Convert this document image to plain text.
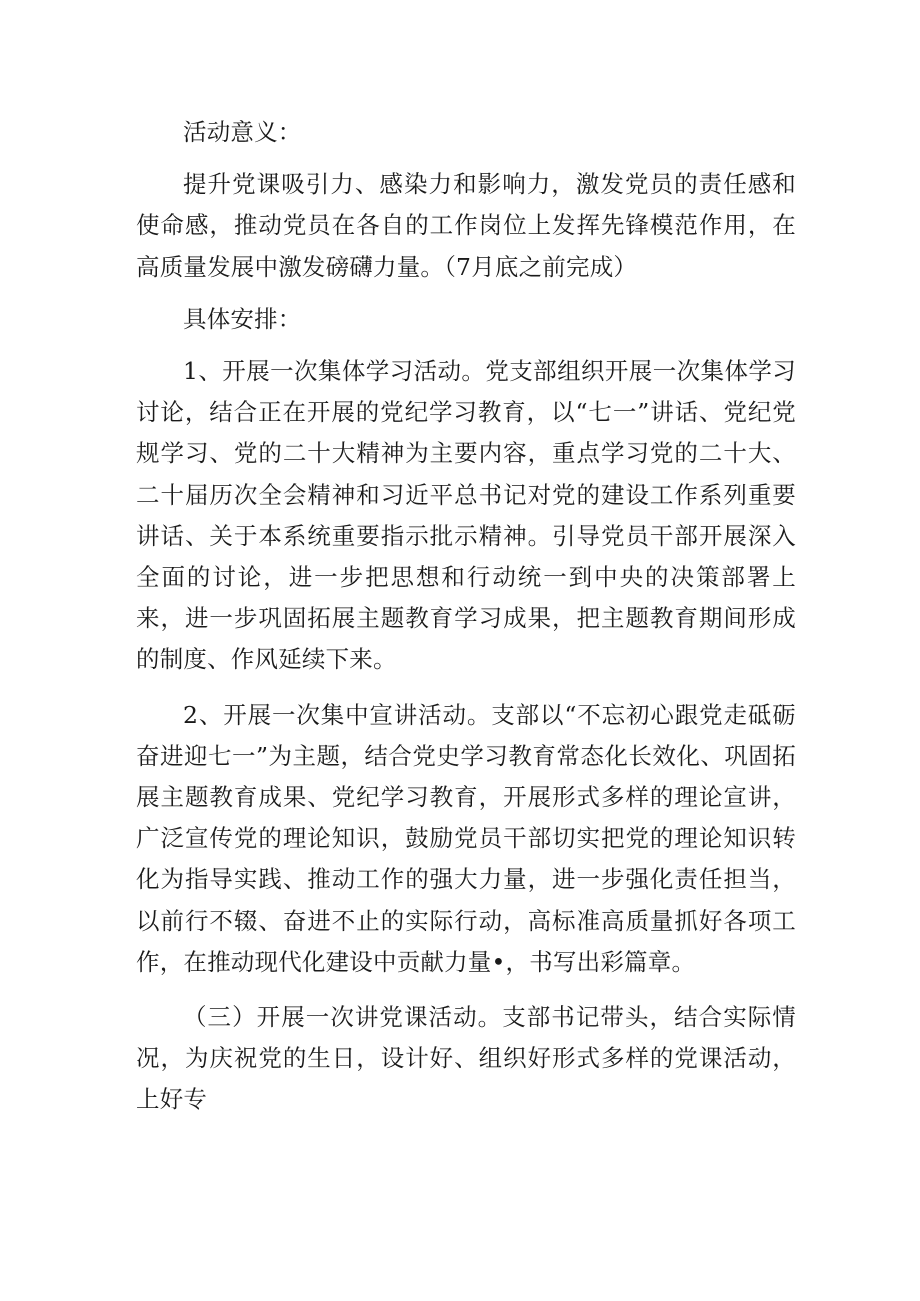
活动意义：

提升党课吸引力、感染力和影响力，激发党员的责任感和使命感，推动党员在各自的工作岗位上发挥先锋模范作用，在高质量发展中激发磅礴力量。（7月底之前完成）

具体安排：

1、开展一次集体学习活动。党支部组织开展一次集体学习讨论，结合正在开展的党纪学习教育，以“七一”讲话、党纪党规学习、党的二十大精神为主要内容，重点学习党的二十大、二十届历次全会精神和习近平总书记对党的建设工作系列重要讲话、关于本系统重要指示批示精神。引导党员干部开展深入全面的讨论，进一步把思想和行动统一到中央的决策部署上来，进一步巩固拓展主题教育学习成果，把主题教育期间形成的制度、作风延续下来。

2、开展一次集中宣讲活动。支部以“不忘初心跟党走砥砺奋进迎七一”为主题，结合党史学习教育常态化长效化、巩固拓展主题教育成果、党纪学习教育，开展形式多样的理论宣讲，广泛宣传党的理论知识，鼓励党员干部切实把党的理论知识转化为指导实践、推动工作的强大力量，进一步强化责任担当，以前行不辍、奋进不止的实际行动，高标准高质量抓好各项工作，在推动现代化建设中贡献力量•，书写出彩篇章。

（三）开展一次讲党课活动。支部书记带头，结合实际情况，为庆祝党的生日，设计好、组织好形式多样的党课活动，上好专
